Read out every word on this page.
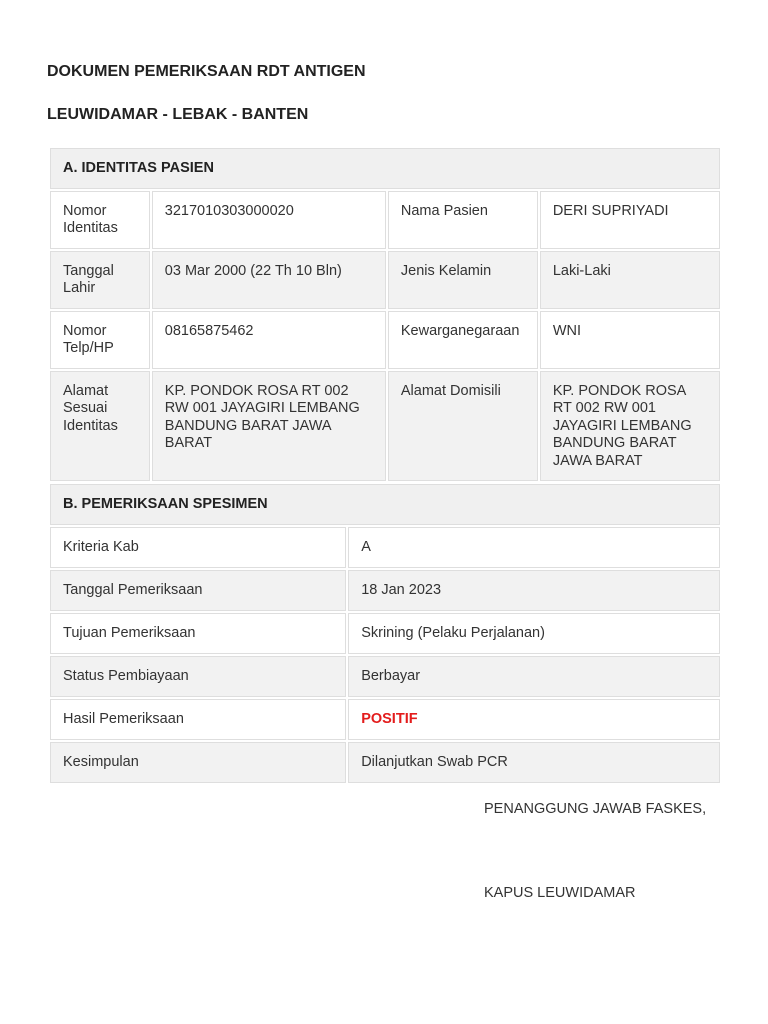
DOKUMEN PEMERIKSAAN RDT ANTIGEN
LEUWIDAMAR - LEBAK - BANTEN
A. IDENTITAS PASIEN			
Nomor Identitas	3217010303000020	Nama Pasien	DERI SUPRIYADI
Tanggal Lahir	03 Mar 2000 (22 Th 10 Bln)	Jenis Kelamin	Laki-Laki
Nomor Telp/HP	08165875462	Kewarganegaraan	WNI
Alamat Sesuai Identitas	KP. PONDOK ROSA RT 002 RW 001 JAYAGIRI LEMBANG BANDUNG BARAT JAWA BARAT	Alamat Domisili	KP. PONDOK ROSA RT 002 RW 001 JAYAGIRI LEMBANG BANDUNG BARAT JAWA BARAT
B. PEMERIKSAAN SPESIMEN	
Kriteria Kab	A
Tanggal Pemeriksaan	18 Jan 2023
Tujuan Pemeriksaan	Skrining (Pelaku Perjalanan)
Status Pembiayaan	Berbayar
Hasil Pemeriksaan	POSITIF
Kesimpulan	Dilanjutkan Swab PCR
PENANGGUNG JAWAB FASKES,
KAPUS LEUWIDAMAR
